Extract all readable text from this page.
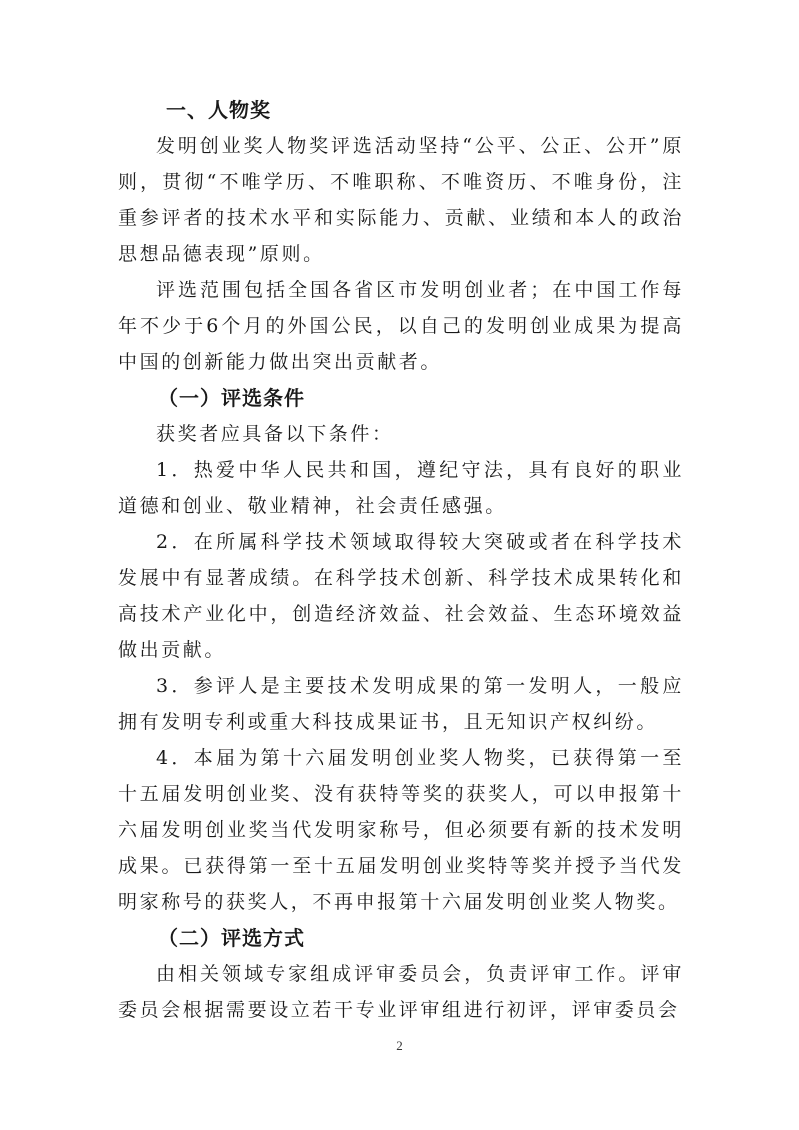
一、人物奖

发明创业奖人物奖评选活动坚持“公平、公正、公开”原则，贯彻“不唯学历、不唯职称、不唯资历、不唯身份，注重参评者的技术水平和实际能力、贡献、业绩和本人的政治思想品德表现”原则。

评选范围包括全国各省区市发明创业者；在中国工作每年不少于6个月的外国公民，以自己的发明创业成果为提高中国的创新能力做出突出贡献者。

（一）评选条件

获奖者应具备以下条件：

1．热爱中华人民共和国，遵纪守法，具有良好的职业道德和创业、敬业精神，社会责任感强。

2．在所属科学技术领域取得较大突破或者在科学技术发展中有显著成绩。在科学技术创新、科学技术成果转化和高技术产业化中，创造经济效益、社会效益、生态环境效益做出贡献。

3．参评人是主要技术发明成果的第一发明人，一般应拥有发明专利或重大科技成果证书，且无知识产权纠纷。

4．本届为第十六届发明创业奖人物奖，已获得第一至十五届发明创业奖、没有获特等奖的获奖人，可以申报第十六届发明创业奖当代发明家称号，但必须要有新的技术发明成果。已获得第一至十五届发明创业奖特等奖并授予当代发明家称号的获奖人，不再申报第十六届发明创业奖人物奖。

（二）评选方式

由相关领域专家组成评审委员会，负责评审工作。评审委员会根据需要设立若干专业评审组进行初评，评审委员会

2
